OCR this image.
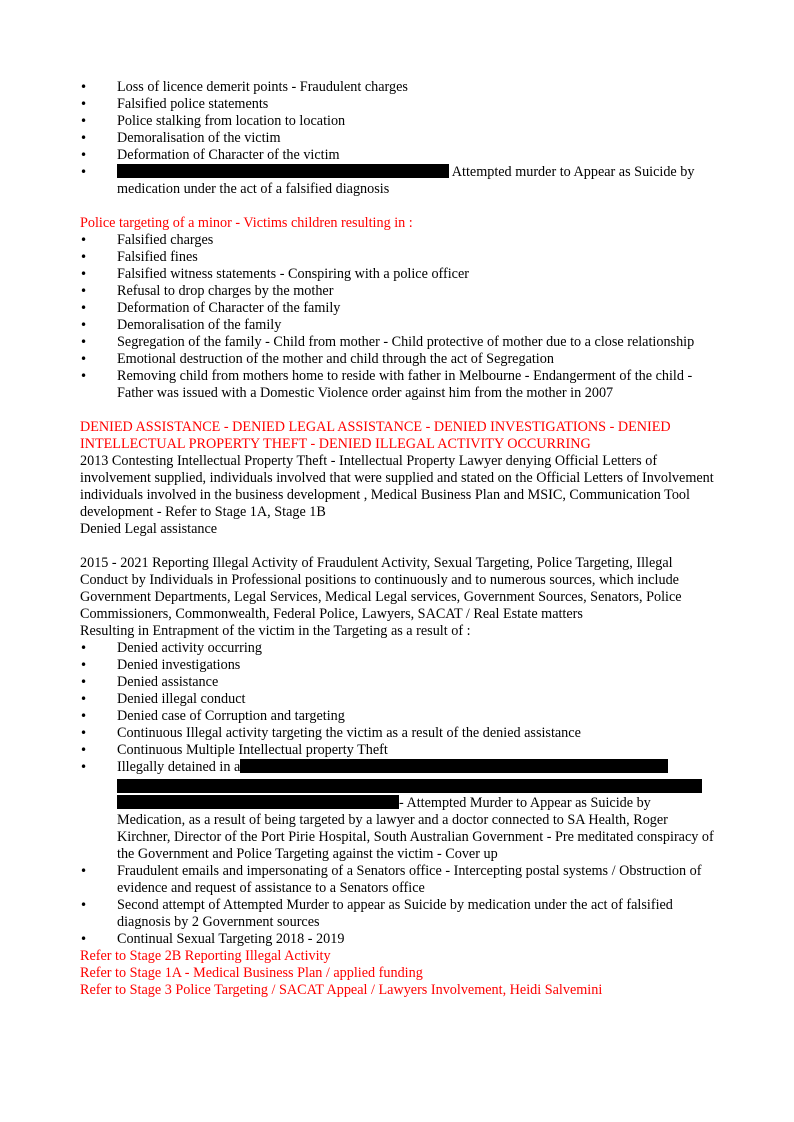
• Loss of licence demerit points - Fraudulent charges
• Falsified police statements
• Police stalking from location to location
• Demoralisation of the victim
• Deformation of Character of the victim
• Attempted murder to Appear as Suicide by medication under the act of a falsified diagnosis

Police targeting of a minor - Victims children resulting in :

• Falsified charges
• Falsified fines
• Falsified witness statements - Conspiring with a police officer
• Refusal to drop charges by the mother
• Deformation of Character of the family
• Demoralisation of the family
• Segregation of the family - Child from mother - Child protective of mother due to a close relationship
• Emotional destruction of the mother and child through the act of Segregation
• Removing child from mothers home to reside with father in Melbourne - Endangerment of the child - Father was issued with a Domestic Violence order against him from the mother in 2007

DENIED ASSISTANCE - DENIED LEGAL ASSISTANCE - DENIED INVESTIGATIONS - DENIED INTELLECTUAL PROPERTY THEFT - DENIED ILLEGAL ACTIVITY OCCURRING

2013 Contesting Intellectual Property Theft - Intellectual Property Lawyer denying Official Letters of involvement supplied, individuals involved that were supplied and stated on the Official Letters of Involvement individuals involved in the business development , Medical Business Plan and MSIC, Communication Tool development - Refer to Stage 1A, Stage 1B

Denied Legal assistance

2015 - 2021 Reporting Illegal Activity of Fraudulent Activity, Sexual Targeting, Police Targeting, Illegal Conduct by Individuals in Professional positions to continuously and to numerous sources, which include Government Departments, Legal Services, Medical Legal services, Government Sources, Senators, Police Commissioners, Commonwealth, Federal Police, Lawyers, SACAT / Real Estate matters

Resulting in Entrapment of the victim in the Targeting as a result of :

• Denied activity occurring
• Denied investigations
• Denied assistance
• Denied illegal conduct
• Denied case of Corruption and targeting
• Continuous Illegal activity targeting the victim as a result of the denied assistance
• Continuous Multiple Intellectual property Theft
• Illegally detained in a
- Attempted Murder to Appear as Suicide by Medication, as a result of being targeted by a lawyer and a doctor connected to SA Health, Roger Kirchner, Director of the Port Pirie Hospital, South Australian Government - Pre meditated conspiracy of the Government and Police Targeting against the victim - Cover up
• Fraudulent emails and impersonating of a Senators office - Intercepting postal systems / Obstruction of evidence and request of assistance to a Senators office
• Second attempt of Attempted Murder to appear as Suicide by medication under the act of falsified diagnosis by 2 Government sources
• Continual Sexual Targeting 2018 - 2019

Refer to Stage 2B Reporting Illegal Activity

Refer to Stage 1A - Medical Business Plan / applied funding

Refer to Stage 3 Police Targeting / SACAT Appeal / Lawyers Involvement, Heidi Salvemini
